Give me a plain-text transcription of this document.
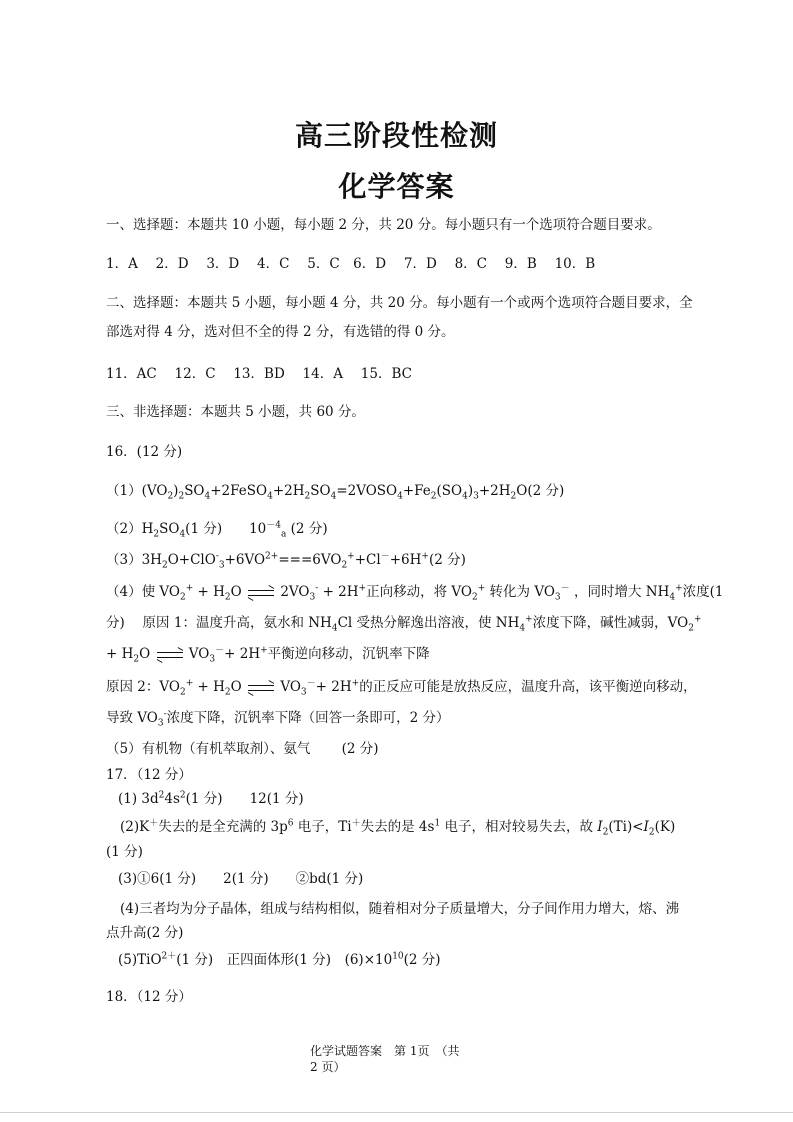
高三阶段性检测
化学答案
一、选择题：本题共 10 小题，每小题 2 分，共 20 分。每小题只有一个选项符合题目要求。
1．A　 2．D　 3．D　 4．C　 5．C　6．D　 7．D　 8．C　 9．B　 10．B
二、选择题：本题共 5 小题，每小题 4 分，共 20 分。每小题有一个或两个选项符合题目要求，全
部选对得 4 分，选对但不全的得 2 分，有选错的得 0 分。
11．AC　 12．C　 13．BD　 14．A　 15．BC
三、非选择题：本题共 5 小题，共 60 分。
16．(12 分)
$(1)(VO_2)_2SO_4+2FeSO_4+2H_2SO_4=2VOSO_4+Fe_2(SO_4)_3+2H_2O(2$ 分)
$(2)H_2SO_4(1$ 分)　　$10^{-4}_a$ (2 分)
$(3)3H_2O+ClO^-_3+6VO^{2+}===6VO_2^++Cl^-+6H^+(2$ 分)
（4）使 $VO_2^+ + H_2O$	$2VO_3^- + 2H^+$正向移动，将 $VO_2^+$ 转化为 $VO_3^-$ ，同时增大 $NH_4^+$浓度(1
分)　 原因 1：温度升高，氨水和 $NH_4Cl$ 受热分解逸出溶液，使 $NH_4^+$浓度下降，碱性减弱，$VO_2^+$
+ $H_2O$	$VO_3^-+ 2H^+$平衡逆向移动，沉钒率下降
原因 2：$VO_2^+ + H_2O$	$VO_3^-+ 2H^+$的正反应可能是放热反应，温度升高，该平衡逆向移动，
导致 $VO_3^-$浓度下降，沉钒率下降（回答一条即可，2 分）
（5）有机物（有机萃取剂）、氨气　　 (2 分)
17．（12 分）
(1) $3d^24s^2(1$ 分)　　12(1 分)
(2)K＋失去的是全充满的 $3p^6$ 电子，Ti＋失去的是 $4s^1$ 电子，相对较易失去，故 $I_2(Ti)<I_2(K)$
(1 分)
(3)①6(1 分)　　2(1 分)　　②bd(1 分)
(4)三者均为分子晶体，组成与结构相似，随着相对分子质量增大，分子间作用力增大，熔、沸
点升高(2 分)
(5)TiO$^{2+}$(1 分)　正四面体形(1 分)　$(6)\times 10^{10}(2$ 分)
18．（12 分）
化学试题答案　第 1页　（共
2 页）
